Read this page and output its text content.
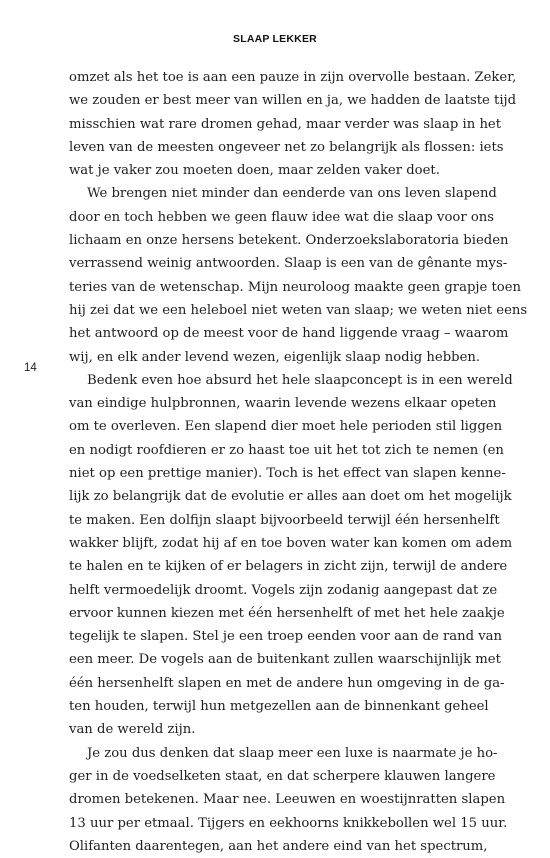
SLAAP LEKKER
14

omzet als het toe is aan een pauze in zijn overvolle bestaan. Zeker,
we zouden er best meer van willen en ja, we hadden de laatste tijd
misschien wat rare dromen gehad, maar verder was slaap in het
leven van de meesten ongeveer net zo belangrijk als flossen: iets
wat je vaker zou moeten doen, maar zelden vaker doet.

We brengen niet minder dan eenderde van ons leven slapend
door en toch hebben we geen flauw idee wat die slaap voor ons
lichaam en onze hersens betekent. Onderzoekslaboratoria bieden
verrassend weinig antwoorden. Slaap is een van de gênante mys-
teries van de wetenschap. Mijn neuroloog maakte geen grapje toen
hij zei dat we een heleboel niet weten van slaap; we weten niet eens
het antwoord op de meest voor de hand liggende vraag – waarom
wij, en elk ander levend wezen, eigenlijk slaap nodig hebben.

Bedenk even hoe absurd het hele slaapconcept is in een wereld
van eindige hulpbronnen, waarin levende wezens elkaar opeten
om te overleven. Een slapend dier moet hele perioden stil liggen
en nodigt roofdieren er zo haast toe uit het tot zich te nemen (en
niet op een prettige manier). Toch is het effect van slapen kenne-
lijk zo belangrijk dat de evolutie er alles aan doet om het mogelijk
te maken. Een dolfijn slaapt bijvoorbeeld terwijl één hersenhelft
wakker blijft, zodat hij af en toe boven water kan komen om adem
te halen en te kijken of er belagers in zicht zijn, terwijl de andere
helft vermoedelijk droomt. Vogels zijn zodanig aangepast dat ze
ervoor kunnen kiezen met één hersenhelft of met het hele zaakje
tegelijk te slapen. Stel je een troep eenden voor aan de rand van
een meer. De vogels aan de buitenkant zullen waarschijnlijk met
één hersenhelft slapen en met de andere hun omgeving in de ga-
ten houden, terwijl hun metgezellen aan de binnenkant geheel
van de wereld zijn.

Je zou dus denken dat slaap meer een luxe is naarmate je ho-
ger in de voedselketen staat, en dat scherpere klauwen langere
dromen betekenen. Maar nee. Leeuwen en woestijnratten slapen
13 uur per etmaal. Tijgers en eekhoorns knikkebollen wel 15 uur.
Olifanten daarentegen, aan het andere eind van het spectrum,
